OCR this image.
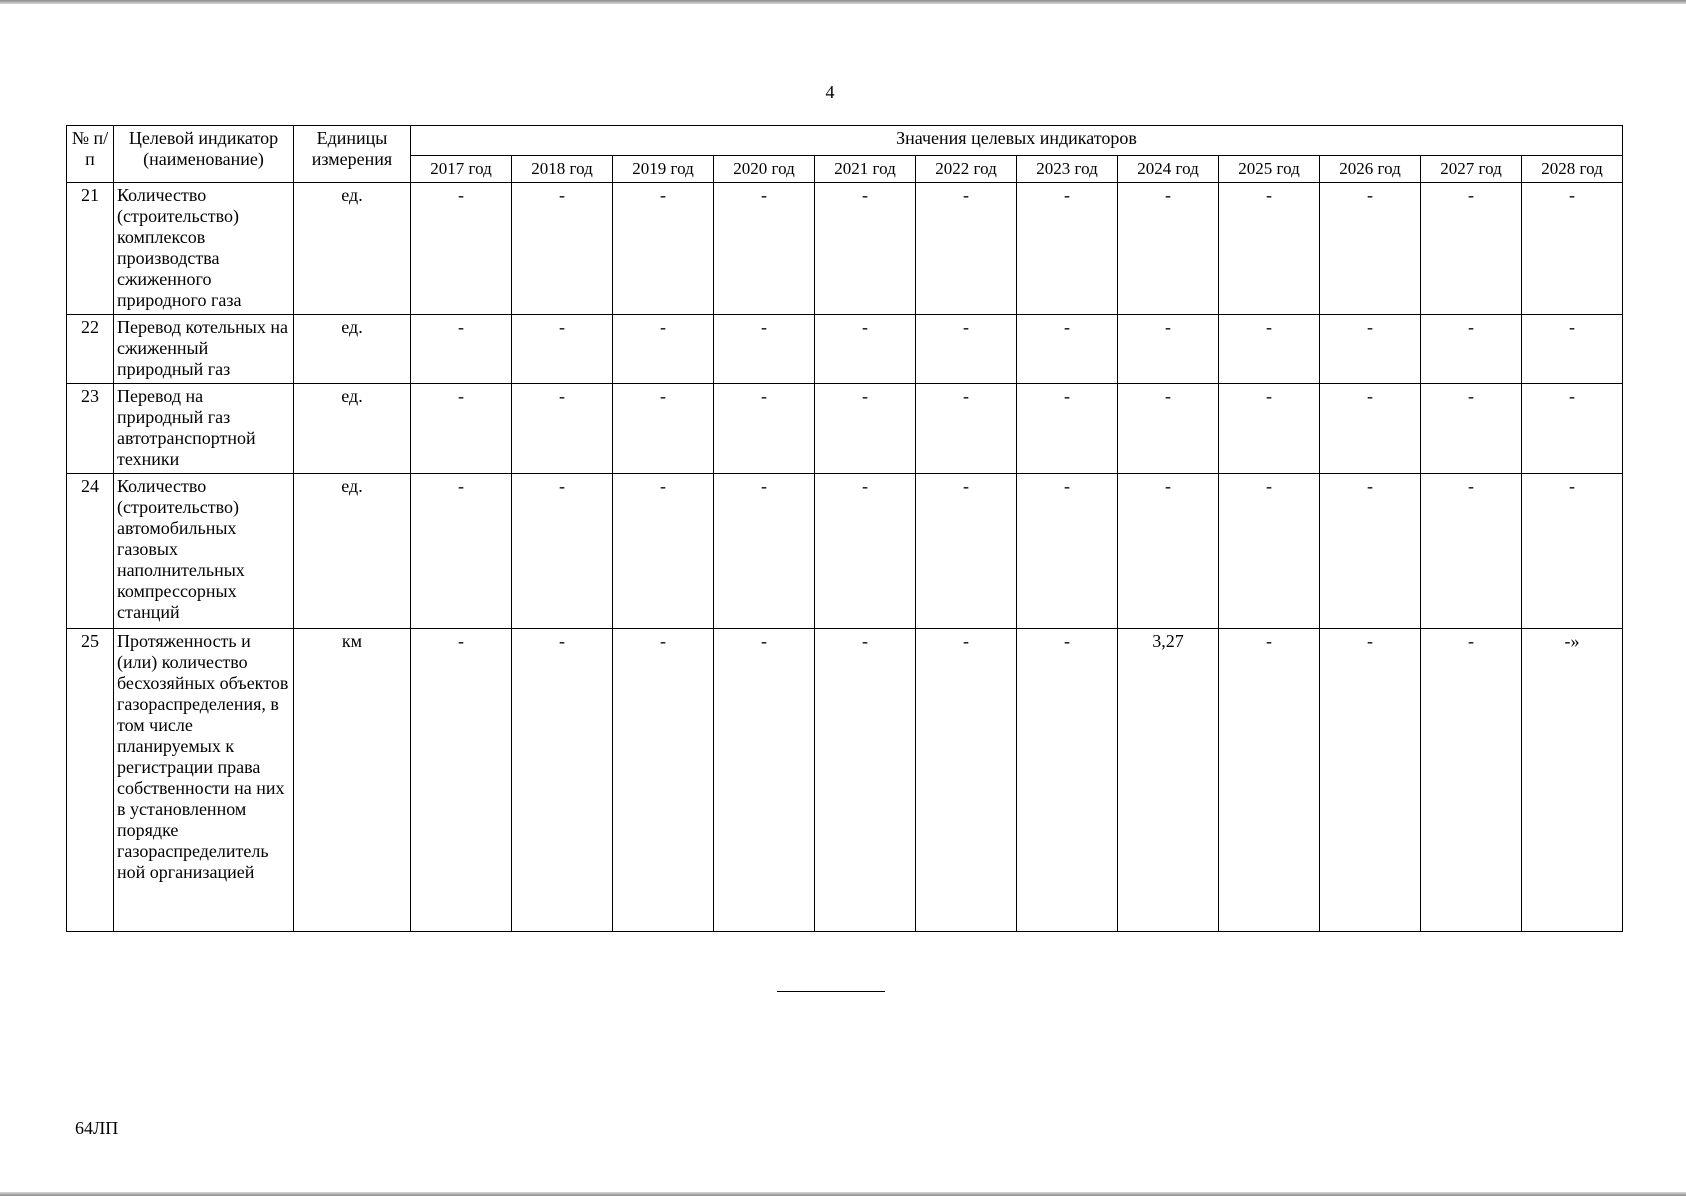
4
№ п/п	Целевой индикатор (наименование)	Единицы измерения	Значения целевых индикаторов											
			2017 год	2018 год	2019 год	2020 год	2021 год	2022 год	2023 год	2024 год	2025 год	2026 год	2027 год	2028 год
21	Количество (строительство) комплексов производства сжиженного природного газа	ед.	-	-	-	-	-	-	-	-	-	-	-	-
22	Перевод котельных на сжиженный природный газ	ед.	-	-	-	-	-	-	-	-	-	-	-	-
23	Перевод на природный газ автотранспортной техники	ед.	-	-	-	-	-	-	-	-	-	-	-	-
24	Количество (строительство) автомобильных газовых наполнительных компрессорных станций	ед.	-	-	-	-	-	-	-	-	-	-	-	-
25	Протяженность и (или) количество бесхозяйных объектов газораспределения, в том числе планируемых к регистрации права собственности на них в установленном порядке газораспределитель ной организацией	км	-	-	-	-	-	-	-	3,27	-	-	-	-»
64ЛП
